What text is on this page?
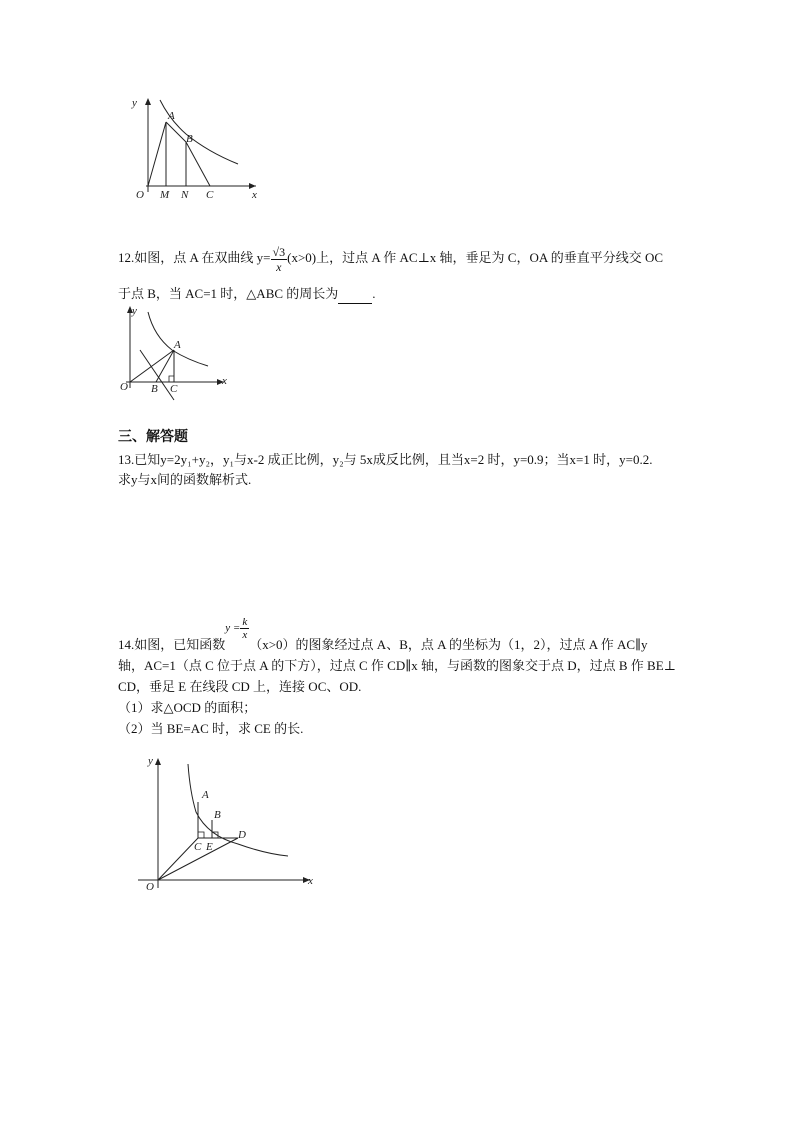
y
x
O
A
B
M N C
12.如图，点 A 在双曲线 $y= \frac{√3}{x} (x>0)$上，过点 A 作 AC⊥x 轴，垂足为 C，OA 的垂直平分线交 OC
于点 B，当 AC=1 时，△ABC 的周长为	.
y
x
O B C
A
三、解答题
13.已知y=2y₁+y₂，y₁与x-2 成正比例，y₂与 5x成反比例，且当x=2 时，y=0.9；当x=1 时，y=0.2.
求y与x间的函数解析式.
14.如图，已知函数$y = \frac{k}{x}$
（x>0）的图象经过点 A、B，点 A 的坐标为（1，2），过点 A 作 AC∥y
轴，AC=1（点 C 位于点 A 的下方），过点 C 作 CD∥x 轴，与函数的图象交于点 D，过点 B 作 BE⊥
CD，垂足 E 在线段 CD 上，连接 OC、OD.
（1）求△OCD 的面积；
（2）当 BE=AC 时，求 CE 的长.
y
x
O
A
B
C E
D
